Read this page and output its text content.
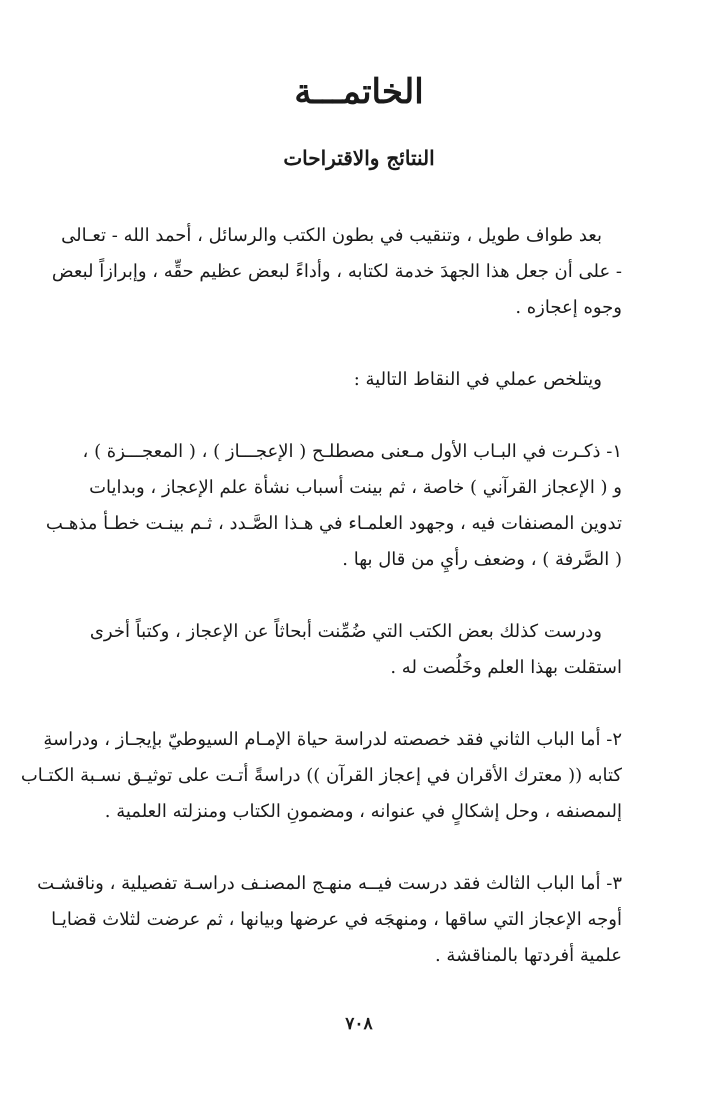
الخاتمـــة
النتائج والاقتراحات
بعد طواف طويل ، وتنقيب في بطون الكتب والرسائل ، أحمد الله - تعـالى
- على أن جعل هذا الجهدَ خدمة لكتابه ، وأداءً لبعض عظيم حقِّه ، وإبرازاً لبعض
وجوه إعجازه .
ويتلخص عملي في النقاط التالية :
١- ذكـرت في البـاب الأول مـعنى مصطلـح ( الإعجـــاز ) ، ( المعجـــزة ) ،
و ( الإعجاز القرآني ) خاصة ، ثم بينت أسباب نشأة علم الإعجاز ، وبدايات
تدوين المصنفات فيه ، وجهود العلمـاء في هـذا الصَّـدد ، ثـم بينـت خطـأ مذهـب
( الصَّرفة ) ، وضعف رأيِ من قال بها .
ودرست كذلك بعض الكتب التي ضُمِّنت أبحاثاً عن الإعجاز ، وكتباً أخرى
استقلت بهذا العلم وخَلُصت له .
٢- أما الباب الثاني فقد خصصته لدراسة حياة الإمـام السيوطيّ بإيجـاز ، ودراسةِ
كتابه (( معترك الأقران في إعجاز القرآن )) دراسةً أتـت على توثيـق نسـبة الكتـاب
إلىمصنفه ، وحل إشكالٍ في عنوانه ، ومضمونِ الكتاب ومنزلته العلمية .
٣- أما الباب الثالث فقد درست فيــه منهـج المصنـف دراسـة تفصيلية ، وناقشـت
أوجه الإعجاز التي ساقها ، ومنهجَه في عرضها وبيانها ، ثم عرضت لثلاث قضايـا
علمية أفردتها بالمناقشة .
٧٠٨
